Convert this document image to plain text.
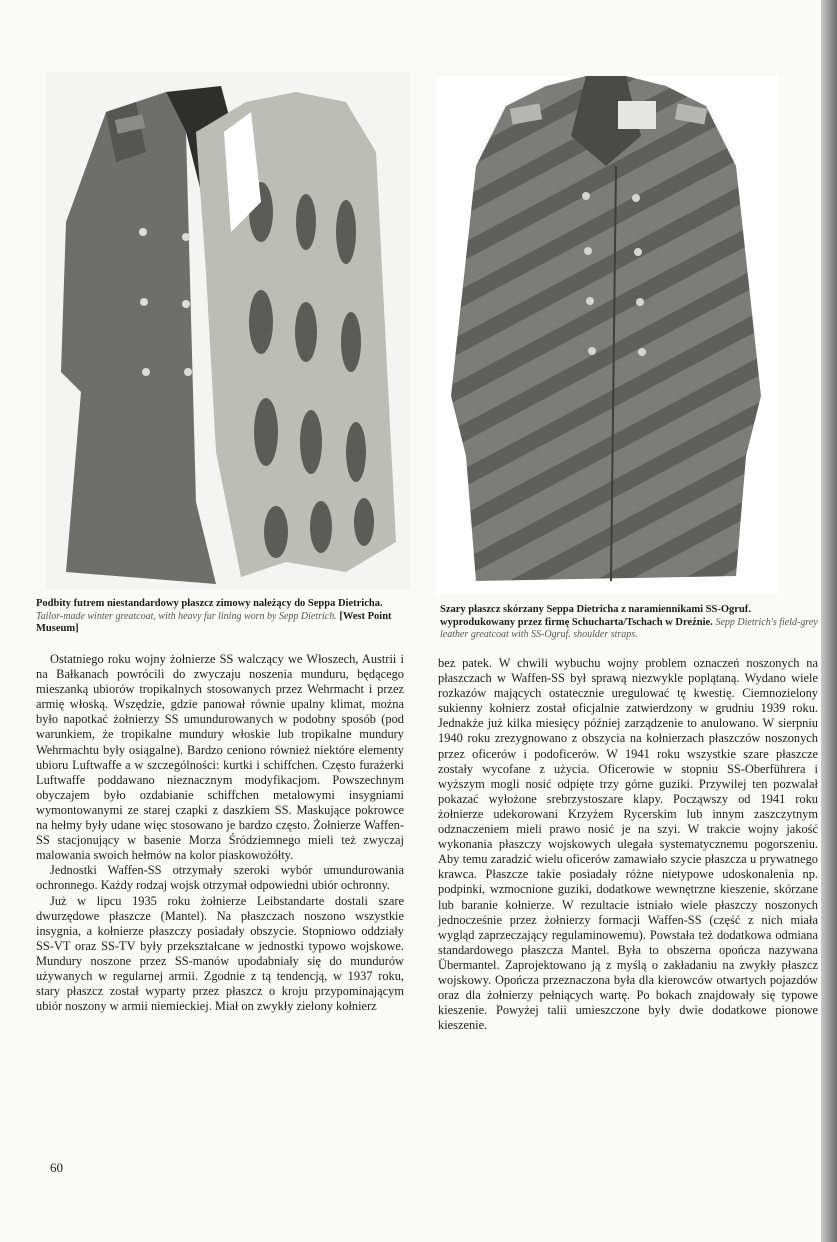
Podbity futrem niestandardowy płaszcz zimowy należący do Seppa Dietricha. Tailor-made winter greatcoat, with heavy fur lining worn by Sepp Dietrich. [West Point Museum]
Szary płaszcz skórzany Seppa Dietricha z naramiennikami SS-Ogruf. wyprodukowany przez firmę Schucharta/Tschach w Dreźnie. Sepp Dietrich's field-grey leather greatcoat with SS-Ogruf. shoulder straps.

Ostatniego roku wojny żołnierze SS walczący we Włoszech, Austrii i na Bałkanach powrócili do zwyczaju noszenia munduru, będącego mieszanką ubiorów tropikalnych stosowanych przez Wehrmacht i przez armię włoską. Wszędzie, gdzie panował równie upalny klimat, można było napotkać żołnierzy SS umundurowanych w podobny sposób (pod warunkiem, że tropikalne mundury włoskie lub tropikalne mundury Wehrmachtu były osiągalne). Bardzo ceniono również niektóre elementy ubioru Luftwaffe a w szczególności: kurtki i schiffchen. Często furażerki Luftwaffe poddawano nieznacznym modyfikacjom. Powszechnym obyczajem było ozdabianie schiffchen metalowymi insygniami wymontowanymi ze starej czapki z daszkiem SS. Maskujące pokrowce na hełmy były udane więc stosowano je bardzo często. Żołnierze Waffen-SS stacjonujący w basenie Morza Śródziemnego mieli też zwyczaj malowania swoich hełmów na kolor piaskowożółty.

Jednostki Waffen-SS otrzymały szeroki wybór umundurowania ochronnego. Każdy rodzaj wojsk otrzymał odpowiedni ubiór ochronny.

Już w lipcu 1935 roku żołnierze Leibstandarte dostali szare dwurzędowe płaszcze (Mantel). Na płaszczach noszono wszystkie insygnia, a kołnierze płaszczy posiadały obszycie. Stopniowo oddziały SS-VT oraz SS-TV były przekształcane w jednostki typowo wojskowe. Mundury noszone przez SS-manów upodabniały się do mundurów używanych w regularnej armii. Zgodnie z tą tendencją, w 1937 roku, stary płaszcz został wyparty przez płaszcz o kroju przypominającym ubiór noszony w armii niemieckiej. Miał on zwykły zielony kołnierz

bez patek. W chwili wybuchu wojny problem oznaczeń noszonych na płaszczach w Waffen-SS był sprawą niezwykle poplątaną. Wydano wiele rozkazów mających ostatecznie uregulować tę kwestię. Ciemnozielony sukienny kołnierz został oficjalnie zatwierdzony w grudniu 1939 roku. Jednakże już kilka miesięcy później zarządzenie to anulowano. W sierpniu 1940 roku zrezygnowano z obszycia na kołnierzach płaszczów noszonych przez oficerów i podoficerów. W 1941 roku wszystkie szare płaszcze zostały wycofane z użycia. Oficerowie w stopniu SS-Oberführera i wyższym mogli nosić odpięte trzy górne guziki. Przywilej ten pozwalał pokazać wyłożone srebrzystoszare klapy. Począwszy od 1941 roku żołnierze udekorowani Krzyżem Rycerskim lub innym zaszczytnym odznaczeniem mieli prawo nosić je na szyi. W trakcie wojny jakość wykonania płaszczy wojskowych ulegała systematycznemu pogorszeniu. Aby temu zaradzić wielu oficerów zamawiało szycie płaszcza u prywatnego krawca. Płaszcze takie posiadały różne nietypowe udoskonalenia np. podpinki, wzmocnione guziki, dodatkowe wewnętrzne kieszenie, skórzane lub baranie kołnierze. W rezultacie istniało wiele płaszczy noszonych jednocześnie przez żołnierzy formacji Waffen-SS (część z nich miała wygląd zaprzeczający regulaminowemu). Powstała też dodatkowa odmiana standardowego płaszcza Mantel. Była to obszerna opończa nazywana Übermantel. Zaprojektowano ją z myślą o zakładaniu na zwykły płaszcz wojskowy. Opończa przeznaczona była dla kierowców otwartych pojazdów oraz dla żołnierzy pełniących wartę. Po bokach znajdowały się typowe kieszenie. Powyżej talii umieszczone były dwie dodatkowe pionowe kieszenie.

60
